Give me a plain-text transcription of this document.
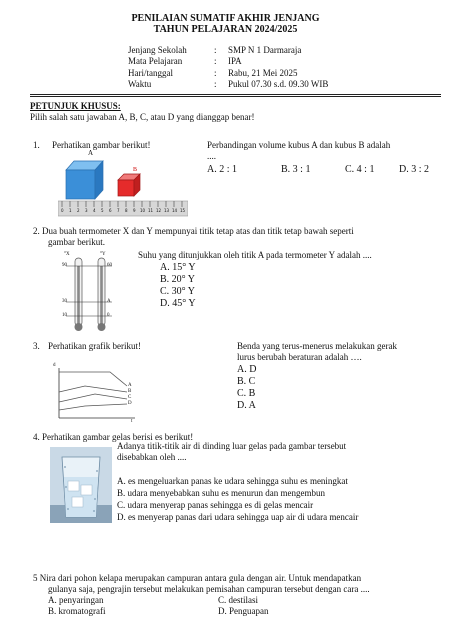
PENILAIAN SUMATIF AKHIR JENJANG
TAHUN PELAJARAN 2024/2025
Jenjang Sekolah	: SMP N 1 Darmaraja
Mata Pelajaran	: IPA
Hari/tanggal	: Rabu, 21 Mei 2025
Waktu	: Pukul 07.30 s.d. 09.30 WIB
PETUNJUK KHUSUS:
Pilih salah satu jawaban A, B, C, atau D yang dianggap benar!
1. Perhatikan gambar berikut!	Perbandingan volume kubus A dan kubus B adalah
....
A
B
0 1 2 3 4 5 6 7 8 9 10 11 12 13 14 15
A. 2 : 1	B. 3 : 1	C. 4 : 1 D. 3 : 2
2. Dua buah termometer X dan Y mempunyai titik tetap atas dan titik tetap bawah seperti
gambar berikut.
°X	°Y
90	60
30	A
10	0
Suhu yang ditunjukkan oleh titik A pada termometer Y adalah ....
A. 15° Y
B. 20° Y
C. 30° Y
D. 45° Y
3. Perhatikan grafik berikut!
d
t
A
B
C
D
Benda yang terus-menerus melakukan gerak
lurus berubah beraturan adalah ….
A. D
B. C
C. B
D. A
4. Perhatikan gambar gelas berisi es berikut!
Adanya titik-titik air di dinding luar gelas pada gambar tersebut
disebabkan oleh ....
A. es mengeluarkan panas ke udara sehingga suhu es meningkat
B. udara menyebabkan suhu es menurun dan mengembun
C. udara menyerap panas sehingga es di gelas mencair
D. es menyerap panas dari udara sehingga uap air di udara mencair
5 Nira dari pohon kelapa merupakan campuran antara gula dengan air. Untuk mendapatkan
gulanya saja, pengrajin tersebut melakukan pemisahan campuran tersebut dengan cara ....
A. penyaringan
B. kromatografi
C. destilasi
D. Penguapan
